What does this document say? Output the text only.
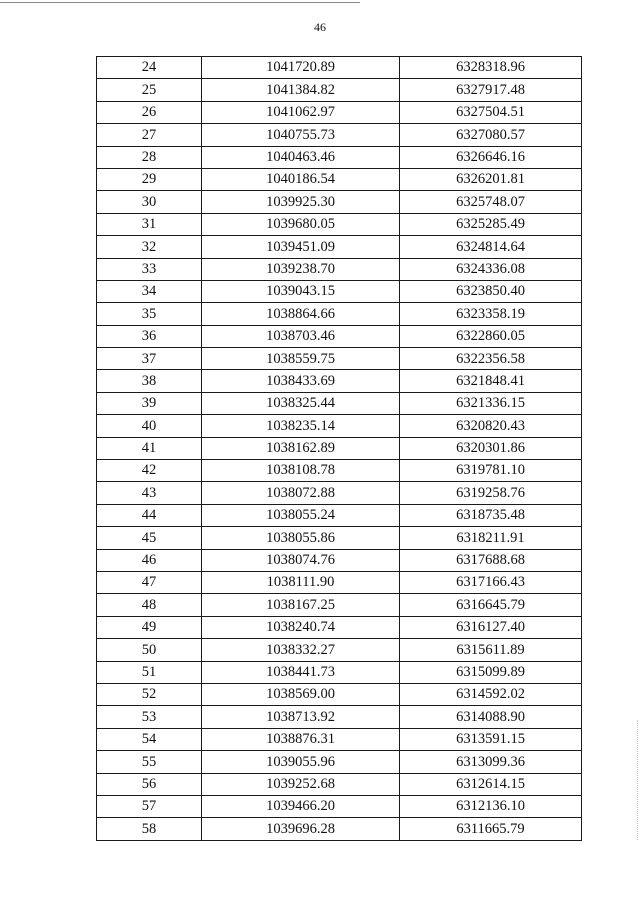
46
24	1041720.89	6328318.96
25	1041384.82	6327917.48
26	1041062.97	6327504.51
27	1040755.73	6327080.57
28	1040463.46	6326646.16
29	1040186.54	6326201.81
30	1039925.30	6325748.07
31	1039680.05	6325285.49
32	1039451.09	6324814.64
33	1039238.70	6324336.08
34	1039043.15	6323850.40
35	1038864.66	6323358.19
36	1038703.46	6322860.05
37	1038559.75	6322356.58
38	1038433.69	6321848.41
39	1038325.44	6321336.15
40	1038235.14	6320820.43
41	1038162.89	6320301.86
42	1038108.78	6319781.10
43	1038072.88	6319258.76
44	1038055.24	6318735.48
45	1038055.86	6318211.91
46	1038074.76	6317688.68
47	1038111.90	6317166.43
48	1038167.25	6316645.79
49	1038240.74	6316127.40
50	1038332.27	6315611.89
51	1038441.73	6315099.89
52	1038569.00	6314592.02
53	1038713.92	6314088.90
54	1038876.31	6313591.15
55	1039055.96	6313099.36
56	1039252.68	6312614.15
57	1039466.20	6312136.10
58	1039696.28	6311665.79
